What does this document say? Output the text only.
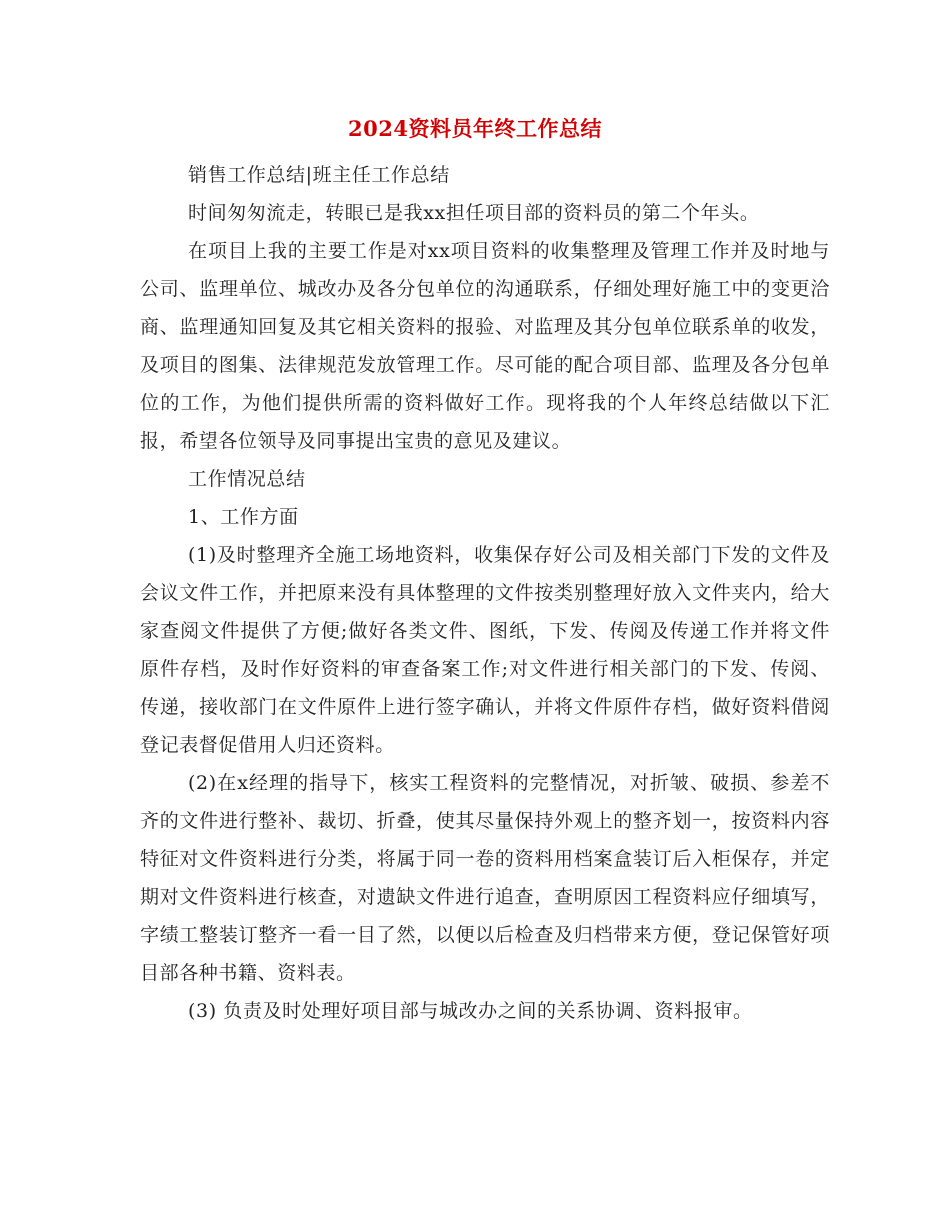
2024资料员年终工作总结

销售工作总结|班主任工作总结

时间匆匆流走，转眼已是我xx担任项目部的资料员的第二个年头。

在项目上我的主要工作是对xx项目资料的收集整理及管理工作并及时地与公司、监理单位、城改办及各分包单位的沟通联系，仔细处理好施工中的变更洽商、监理通知回复及其它相关资料的报验、对监理及其分包单位联系单的收发，及项目的图集、法律规范发放管理工作。尽可能的配合项目部、监理及各分包单位的工作，为他们提供所需的资料做好工作。现将我的个人年终总结做以下汇报，希望各位领导及同事提出宝贵的意见及建议。

工作情况总结

1、工作方面

(1)及时整理齐全施工场地资料，收集保存好公司及相关部门下发的文件及会议文件工作，并把原来没有具体整理的文件按类别整理好放入文件夹内，给大家查阅文件提供了方便;做好各类文件、图纸，下发、传阅及传递工作并将文件原件存档，及时作好资料的审查备案工作;对文件进行相关部门的下发、传阅、传递，接收部门在文件原件上进行签字确认，并将文件原件存档，做好资料借阅登记表督促借用人归还资料。

(2)在x经理的指导下，核实工程资料的完整情况，对折皱、破损、参差不齐的文件进行整补、裁切、折叠，使其尽量保持外观上的整齐划一，按资料内容特征对文件资料进行分类，将属于同一卷的资料用档案盒装订后入柜保存，并定期对文件资料进行核查，对遗缺文件进行追查，查明原因工程资料应仔细填写，字绩工整装订整齐一看一目了然，以便以后检查及归档带来方便，登记保管好项目部各种书籍、资料表。

(3) 负责及时处理好项目部与城改办之间的关系协调、资料报审。
